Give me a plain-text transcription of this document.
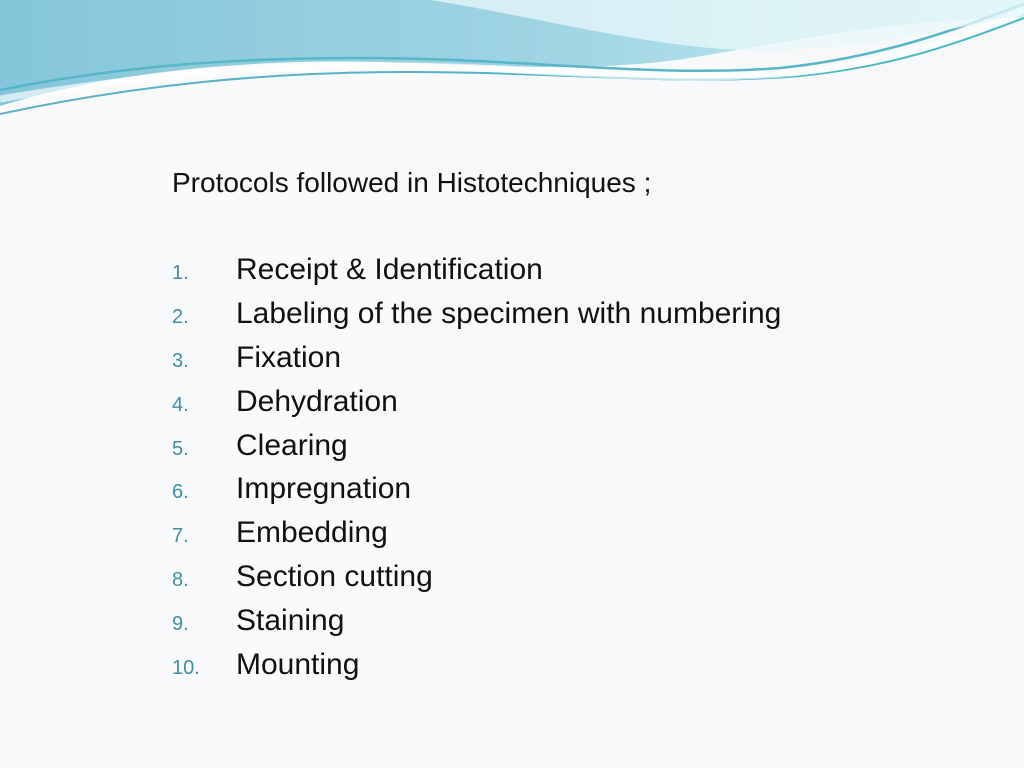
Protocols followed in Histotechniques ;
1.	Receipt & Identification
2.	Labeling of the specimen with numbering
3.	Fixation
4.	Dehydration
5.	Clearing
6.	Impregnation
7.	Embedding
8.	Section cutting
9.	Staining
10.	Mounting
